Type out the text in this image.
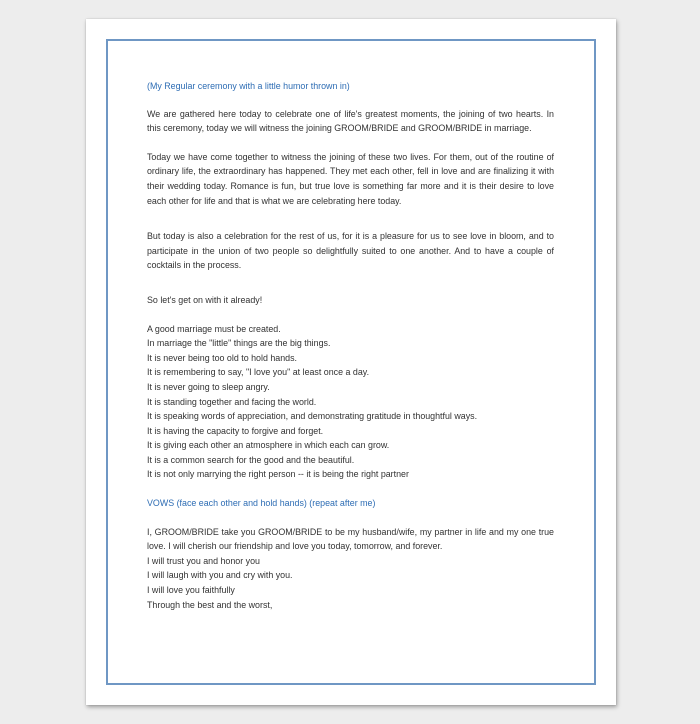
(My Regular ceremony with a little humor thrown in)

We are gathered here today to celebrate one of life's greatest moments, the joining of two hearts. In this ceremony, today we will witness the joining GROOM/BRIDE and GROOM/BRIDE in marriage.

Today we have come together to witness the joining of these two lives. For them, out of the routine of ordinary life, the extraordinary has happened. They met each other, fell in love and are finalizing it with their wedding today. Romance is fun, but true love is something far more and it is their desire to love each other for life and that is what we are celebrating here today.

But today is also a celebration for the rest of us, for it is a pleasure for us to see love in bloom, and to participate in the union of two people so delightfully suited to one another. And to have a couple of cocktails in the process.

So let's get on with it already!

A good marriage must be created.
In marriage the "little" things are the big things.
It is never being too old to hold hands.
It is remembering to say, "I love you" at least once a day.
It is never going to sleep angry.
It is standing together and facing the world.
It is speaking words of appreciation, and demonstrating gratitude in thoughtful ways.
It is having the capacity to forgive and forget.
It is giving each other an atmosphere in which each can grow.
It is a common search for the good and the beautiful.
It is not only marrying the right person -- it is being the right partner

VOWS (face each other and hold hands) (repeat after me)

I, GROOM/BRIDE take you GROOM/BRIDE to be my husband/wife, my partner in life and my one true love. I will cherish our friendship and love you today, tomorrow, and forever.

I will trust you and honor you
I will laugh with you and cry with you.
I will love you faithfully
Through the best and the worst,
